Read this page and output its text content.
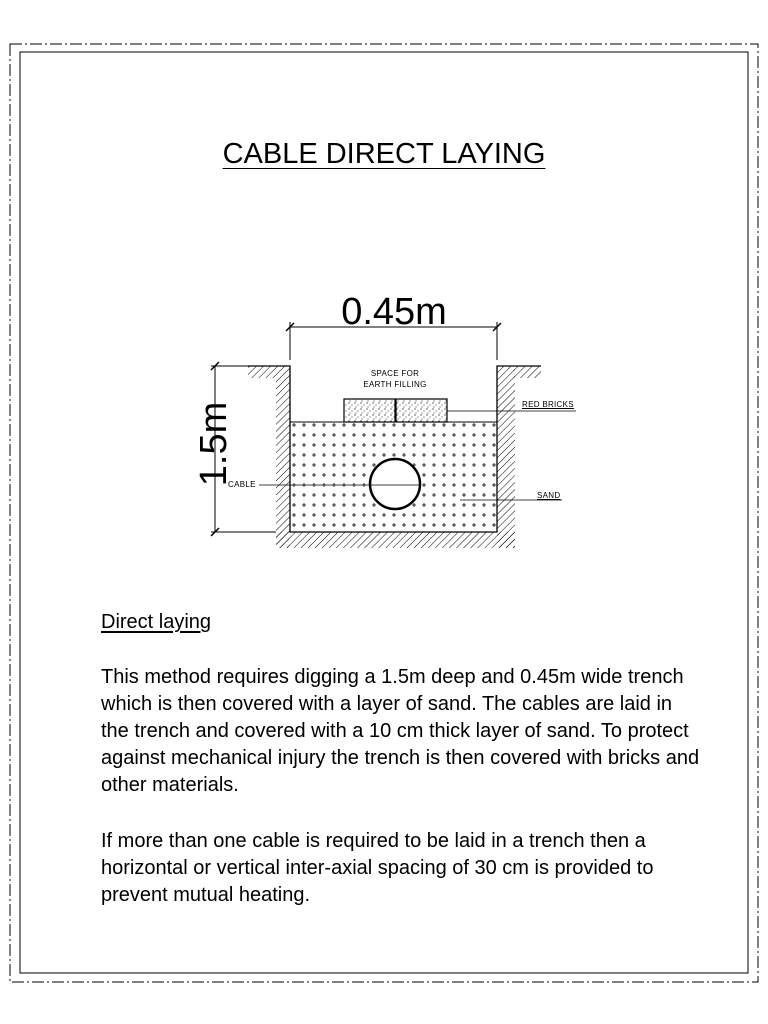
CABLE DIRECT LAYING
0.45m
1.5m
SPACE FOR
EARTH FILLING
RED BRICKS
CABLE
SAND
Direct laying

This method requires digging a 1.5m deep and 0.45m wide trench which is then covered with a layer of sand. The cables are laid in the trench and covered with a 10 cm thick layer of sand. To protect against mechanical injury the trench is then covered with bricks and other materials.

If more than one cable is required to be laid in a trench then a horizontal or vertical inter-axial spacing of 30 cm is provided to prevent mutual heating.
